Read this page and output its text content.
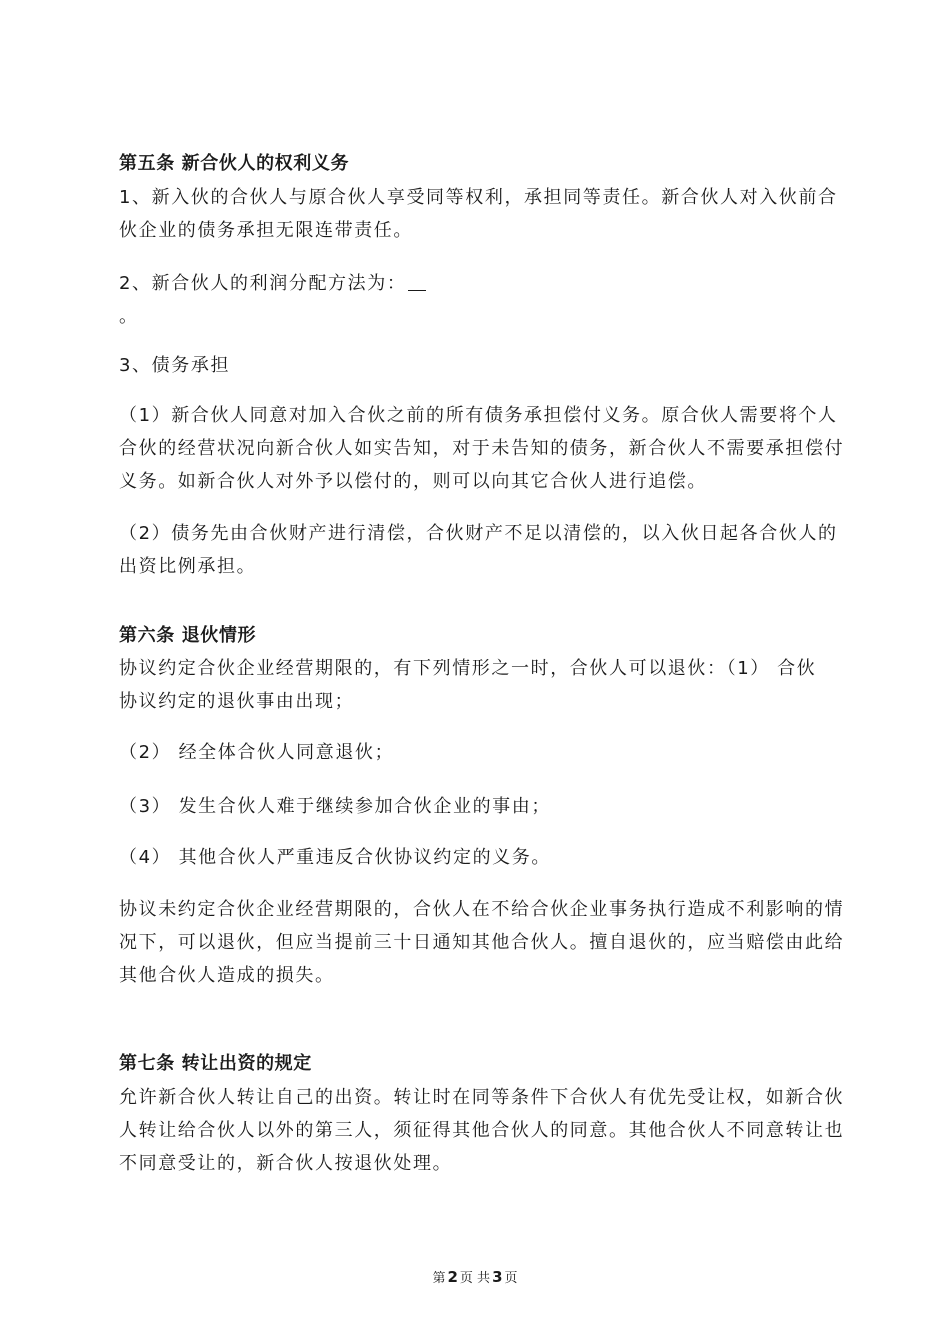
第五条 新合伙人的权利义务
1、新入伙的合伙人与原合伙人享受同等权利，承担同等责任。新合伙人对入伙前合
伙企业的债务承担无限连带责任。
2、新合伙人的利润分配方法为：
。
3、债务承担
（1）新合伙人同意对加入合伙之前的所有债务承担偿付义务。原合伙人需要将个人
合伙的经营状况向新合伙人如实告知，对于未告知的债务，新合伙人不需要承担偿付
义务。如新合伙人对外予以偿付的，则可以向其它合伙人进行追偿。
（2）债务先由合伙财产进行清偿，合伙财产不足以清偿的，以入伙日起各合伙人的
出资比例承担。
第六条 退伙情形
协议约定合伙企业经营期限的，有下列情形之一时，合伙人可以退伙：（1） 合伙
协议约定的退伙事由出现；
（2） 经全体合伙人同意退伙；
（3） 发生合伙人难于继续参加合伙企业的事由；
（4） 其他合伙人严重违反合伙协议约定的义务。
协议未约定合伙企业经营期限的，合伙人在不给合伙企业事务执行造成不利影响的情
况下，可以退伙，但应当提前三十日通知其他合伙人。擅自退伙的，应当赔偿由此给
其他合伙人造成的损失。
第七条 转让出资的规定
允许新合伙人转让自己的出资。转让时在同等条件下合伙人有优先受让权，如新合伙
人转让给合伙人以外的第三人，须征得其他合伙人的同意。其他合伙人不同意转让也
不同意受让的，新合伙人按退伙处理。
第 2 页 共 3 页
